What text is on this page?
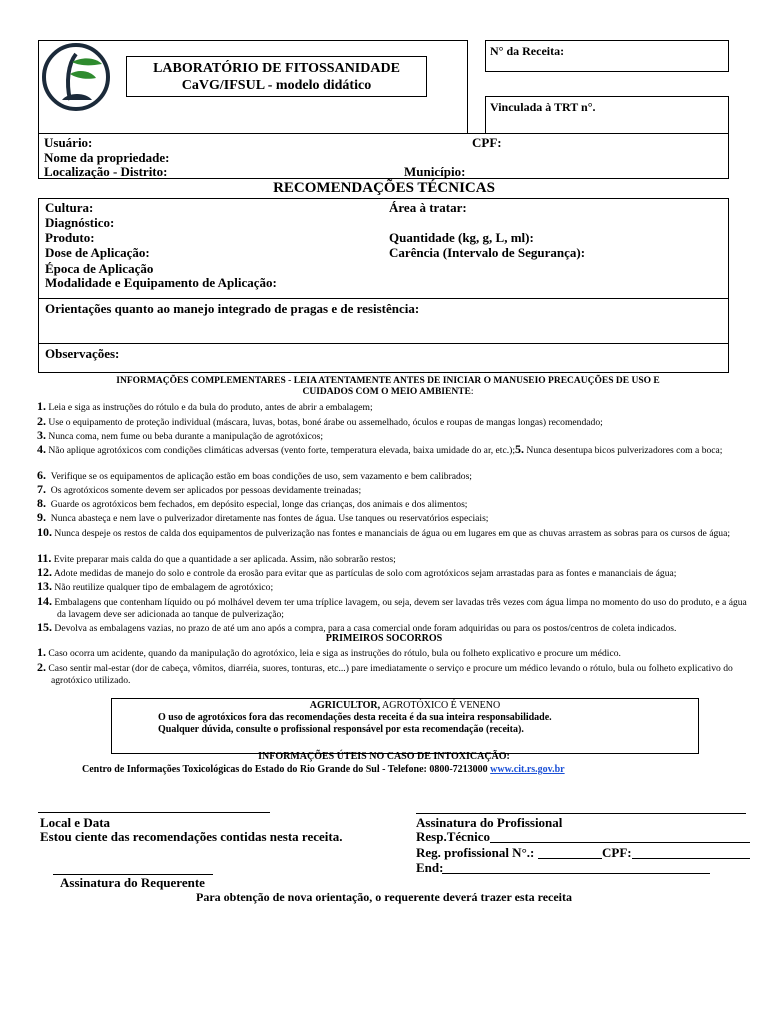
LABORATÓRIO DE FITOSSANIDADE
CaVG/IFSUL - modelo didático
N° da Receita:
Vinculada à TRT n°.
Usuário:	CPF:
Nome da propriedade:
Localização - Distrito:	Município:
RECOMENDAÇÕES TÉCNICAS
Cultura:	Área à tratar:
Diagnóstico:
Produto:	Quantidade (kg, g, L, ml):
Dose de Aplicação:	Carência (Intervalo de Segurança):
Época de Aplicação
Modalidade e Equipamento de Aplicação:
Orientações quanto ao manejo integrado de pragas e de resistência:
Observações:
INFORMAÇÕES COMPLEMENTARES - LEIA ATENTAMENTE ANTES DE INICIAR O MANUSEIO PRECAUÇÕES DE USO E
CUIDADOS COM O MEIO AMBIENTE:
1. Leia e siga as instruções do rótulo e da bula do produto, antes de abrir a embalagem;
2. Use o equipamento de proteção individual (máscara, luvas, botas, boné árabe ou assemelhado, óculos e roupas de mangas longas) recomendado;
3. Nunca coma, nem fume ou beba durante a manipulação de agrotóxicos;
4. Não aplique agrotóxicos com condições climáticas adversas (vento forte, temperatura elevada, baixa umidade do ar, etc.);5. Nunca desentupa bicos pulverizadores com a boca;
6. Verifique se os equipamentos de aplicação estão em boas condições de uso, sem vazamento e bem calibrados;
7. Os agrotóxicos somente devem ser aplicados por pessoas devidamente treinadas;
8. Guarde os agrotóxicos bem fechados, em depósito especial, longe das crianças, dos animais e dos alimentos;
9. Nunca abasteça e nem lave o pulverizador diretamente nas fontes de água. Use tanques ou reservatórios especiais;
10. Nunca despeje os restos de calda dos equipamentos de pulverização nas fontes e mananciais de água ou em lugares em que as chuvas arrastem as sobras para os cursos de água;
11. Evite preparar mais calda do que a quantidade a ser aplicada. Assim, não sobrarão restos;
12. Adote medidas de manejo do solo e controle da erosão para evitar que as partículas de solo com agrotóxicos sejam arrastadas para as fontes e mananciais de água;
13. Não reutilize qualquer tipo de embalagem de agrotóxico;
14. Embalagens que contenham líquido ou pó molhável devem ter uma tríplice lavagem, ou seja, devem ser lavadas três vezes com água limpa no momento do uso do produto, e a água da lavagem deve ser adicionada ao tanque de pulverização;
15. Devolva as embalagens vazias, no prazo de até um ano após a compra, para a casa comercial onde foram adquiridas ou para os postos/centros de coleta indicados.
PRIMEIROS SOCORROS
1. Caso ocorra um acidente, quando da manipulação do agrotóxico, leia e siga as instruções do rótulo, bula ou folheto explicativo e procure um médico.
2. Caso sentir mal-estar (dor de cabeça, vômitos, diarréia, suores, tonturas, etc...) pare imediatamente o serviço e procure um médico levando o rótulo, bula ou folheto explicativo do agrotóxico utilizado.
AGRICULTOR, AGROTÓXICO É VENENO
O uso de agrotóxicos fora das recomendações desta receita é da sua inteira responsabilidade.
Qualquer dúvida, consulte o profissional responsável por esta recomendação (receita).
INFORMAÇÕES ÚTEIS NO CASO DE INTOXICAÇÃO:
Centro de Informações Toxicológicas do Estado do Rio Grande do Sul - Telefone: 0800-7213000 www.cit.rs.gov.br
Local e Data
Estou ciente das recomendações contidas nesta receita.
Assinatura do Requerente
Assinatura do Profissional
Resp.Técnico
Reg. profissional N°.:	CPF:
End:
Para obtenção de nova orientação, o requerente deverá trazer esta receita
